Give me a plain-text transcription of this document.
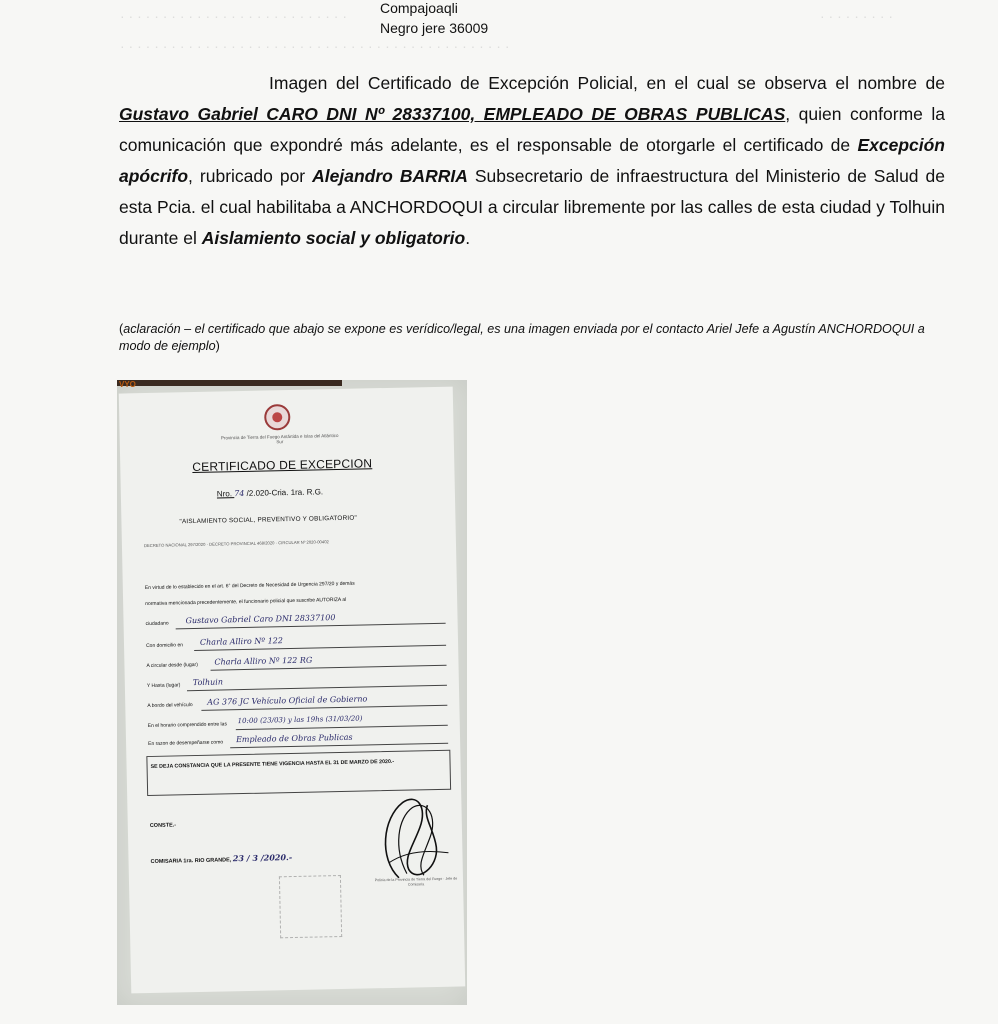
· · · · · · · · · · · · · · · · · · · · · · · · · · ·	· · · · · · · · ·
· · · · · · · · · · · · · · · · · · · · · · · · · · · · · · · · · · · · · · · · · · · · · ·
Compajoaqli
Negro jere 36009
Imagen del Certificado de Excepción Policial, en el cual se observa el nombre de Gustavo Gabriel CARO DNI Nº 28337100, EMPLEADO DE OBRAS PUBLICAS, quien conforme la comunicación que expondré más adelante, es el responsable de otorgarle el certificado de Excepción apócrifo, rubricado por Alejandro BARRIA Subsecretario de infraestructura del Ministerio de Salud de esta Pcia. el cual habilitaba a ANCHORDOQUI a circular libremente por las calles de esta ciudad y Tolhuin durante el Aislamiento social y obligatorio.
(aclaración – el certificado que abajo se expone es verídico/legal, es una imagen enviada por el contacto Ariel Jefe a Agustín ANCHORDOQUI a modo de ejemplo)
VYO
Provincia de Tierra del Fuego Antártida e Islas del Atlántico Sur
CERTIFICADO DE EXCEPCION
Nro. 74 /2.020-Cria. 1ra. R.G.
"AISLAMIENTO SOCIAL, PREVENTIVO Y OBLIGATORIO"
DECRETO NACIONAL 297/2020 · DECRETO PROVINCIAL 468/2020 · CIRCULAR Nº 2020-00402
En virtud de lo establecido en el art. 6° del Decreto de Necesidad de Urgencia 297/20 y demás
normativa mencionada precedentemente, el funcionario policial que suscribe AUTORIZA al
ciudadano Gustavo Gabriel Caro DNI 28337100
Con domicilio en Charla Alliro Nº 122
A circular desde (lugar) Charla Alliro Nº 122 RG
Y Hasta (lugar) Tolhuin
A bordo del vehículo AG 376 JC Vehículo Oficial de Gobierno
En el horario comprendido entre las
10:00 (23/03) y las 19hs (31/03/20)
En razon de desempeñarse como Empleado de Obras Publicas
SE DEJA CONSTANCIA QUE LA PRESENTE TIENE VIGENCIA HASTA EL 31 DE MARZO DE 2020.-
CONSTE.-
COMISARIA 1ra. RIO GRANDE, 23 / 3 /2020.-
Policía de la Provincia de Tierra del Fuego · Jefe de Comisaría
